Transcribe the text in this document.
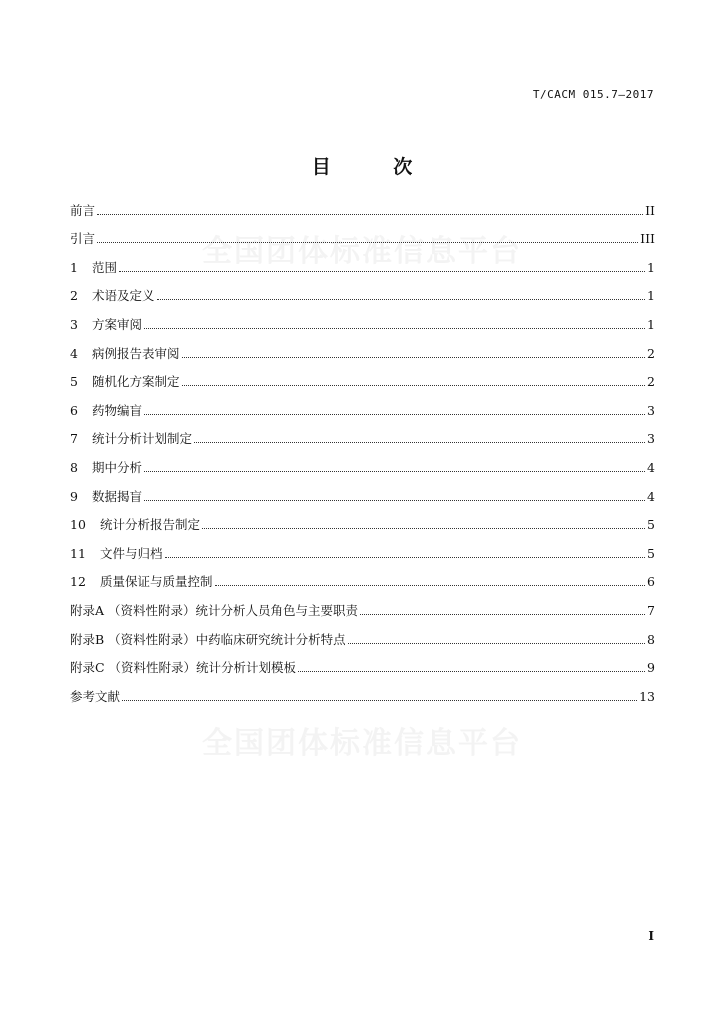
T/CACM 015.7—2017
目 次
全国团体标准信息平台
全国团体标准信息平台
前言	II
引言	III
1	范围	1
2	术语及定义	1
3	方案审阅	1
4	病例报告表审阅	2
5	随机化方案制定	2
6	药物编盲	3
7	统计分析计划制定	3
8	期中分析	4
9	数据揭盲	4
10	统计分析报告制定	5
11	文件与归档	5
12	质量保证与质量控制	6
附录A （资料性附录）统计分析人员角色与主要职责	7
附录B （资料性附录）中药临床研究统计分析特点	8
附录C （资料性附录）统计分析计划模板	9
参考文献	13
I
